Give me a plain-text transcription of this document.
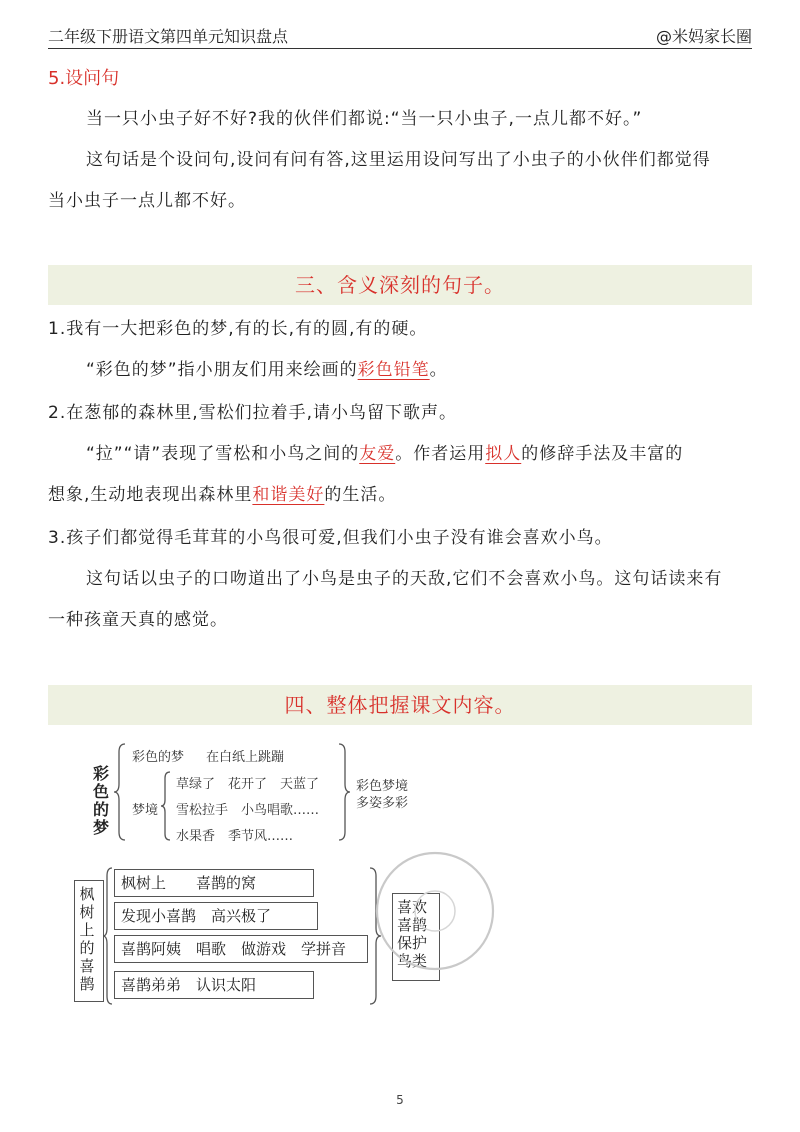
二年级下册语文第四单元知识盘点	@米妈家长圈
5.设问句
当一只小虫子好不好?我的伙伴们都说:“当一只小虫子,一点儿都不好。”
这句话是个设问句,设问有问有答,这里运用设问写出了小虫子的小伙伴们都觉得
当小虫子一点儿都不好。
三、含义深刻的句子。
1.我有一大把彩色的梦,有的长,有的圆,有的硬。
“彩色的梦”指小朋友们用来绘画的彩色铅笔。
2.在葱郁的森林里,雪松们拉着手,请小鸟留下歌声。
“拉”“请”表现了雪松和小鸟之间的友爱。作者运用拟人的修辞手法及丰富的
想象,生动地表现出森林里和谐美好的生活。
3.孩子们都觉得毛茸茸的小鸟很可爱,但我们小虫子没有谁会喜欢小鸟。
这句话以虫子的口吻道出了小鸟是虫子的天敌,它们不会喜欢小鸟。这句话读来有
一种孩童天真的感觉。
四、整体把握课文内容。
彩
色
的
梦
彩色的梦 在白纸上跳蹦
梦境
草绿了　花开了　天蓝了
雪松拉手　小鸟唱歌……
水果香　季节风……
彩色梦境
多姿多彩
枫
树
上
的
喜
鹊
枫树上　　喜鹊的窝
发现小喜鹊　高兴极了
喜鹊阿姨　唱歌　做游戏　学拼音
喜鹊弟弟　认识太阳
喜欢
喜鹊
保护
鸟类
5
